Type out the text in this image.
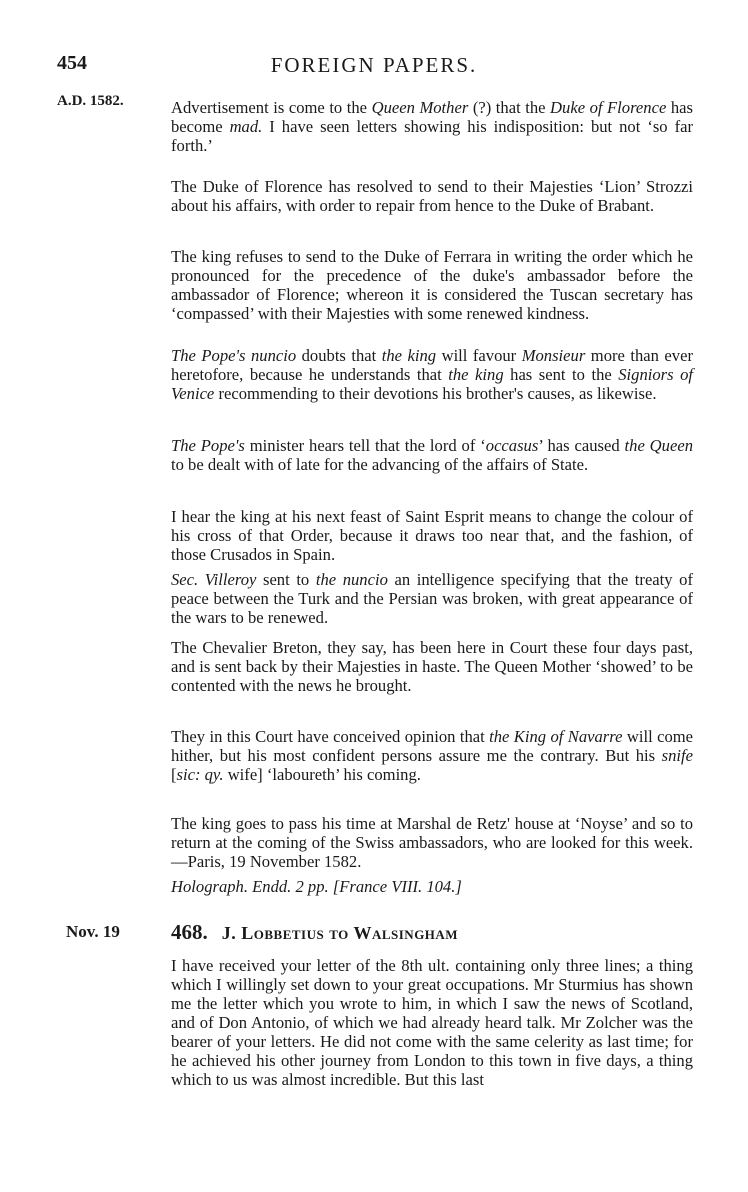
454	FOREIGN PAPERS.
A.D. 1582.	Advertisement is come to the Queen Mother (?) that the Duke of Florence has become mad. I have seen letters showing his indisposition: but not ‘so far forth.’

The Duke of Florence has resolved to send to their Majesties ‘Lion’ Strozzi about his affairs, with order to repair from hence to the Duke of Brabant.

The king refuses to send to the Duke of Ferrara in writing the order which he pronounced for the precedence of the duke's ambassador before the ambassador of Florence; whereon it is considered the Tuscan secretary has ‘compassed’ with their Majesties with some renewed kindness.

The Pope's nuncio doubts that the king will favour Monsieur more than ever heretofore, because he understands that the king has sent to the Signiors of Venice recommending to their devotions his brother's causes, as likewise.

The Pope's minister hears tell that the lord of ‘occasus’ has caused the Queen to be dealt with of late for the advancing of the affairs of State.

I hear the king at his next feast of Saint Esprit means to change the colour of his cross of that Order, because it draws too near that, and the fashion, of those Crusados in Spain.

Sec. Villeroy sent to the nuncio an intelligence specifying that the treaty of peace between the Turk and the Persian was broken, with great appearance of the wars to be renewed.

The Chevalier Breton, they say, has been here in Court these four days past, and is sent back by their Majesties in haste. The Queen Mother ‘showed’ to be contented with the news he brought.

They in this Court have conceived opinion that the King of Navarre will come hither, but his most confident persons assure me the contrary. But his snife [sic: qy. wife] ‘laboureth’ his coming.

The king goes to pass his time at Marshal de Retz' house at ‘Noyse’ and so to return at the coming of the Swiss ambassadors, who are looked for this week.—Paris, 19 November 1582.

Holograph. Endd. 2 pp. [France VIII. 104.]

Nov. 19 468. J. Lobbetius to Walsingham

I have received your letter of the 8th ult. containing only three lines; a thing which I willingly set down to your great occupations. Mr Sturmius has shown me the letter which you wrote to him, in which I saw the news of Scotland, and of Don Antonio, of which we had already heard talk. Mr Zolcher was the bearer of your letters. He did not come with the same celerity as last time; for he achieved his other journey from London to this town in five days, a thing which to us was almost incredible. But this last
